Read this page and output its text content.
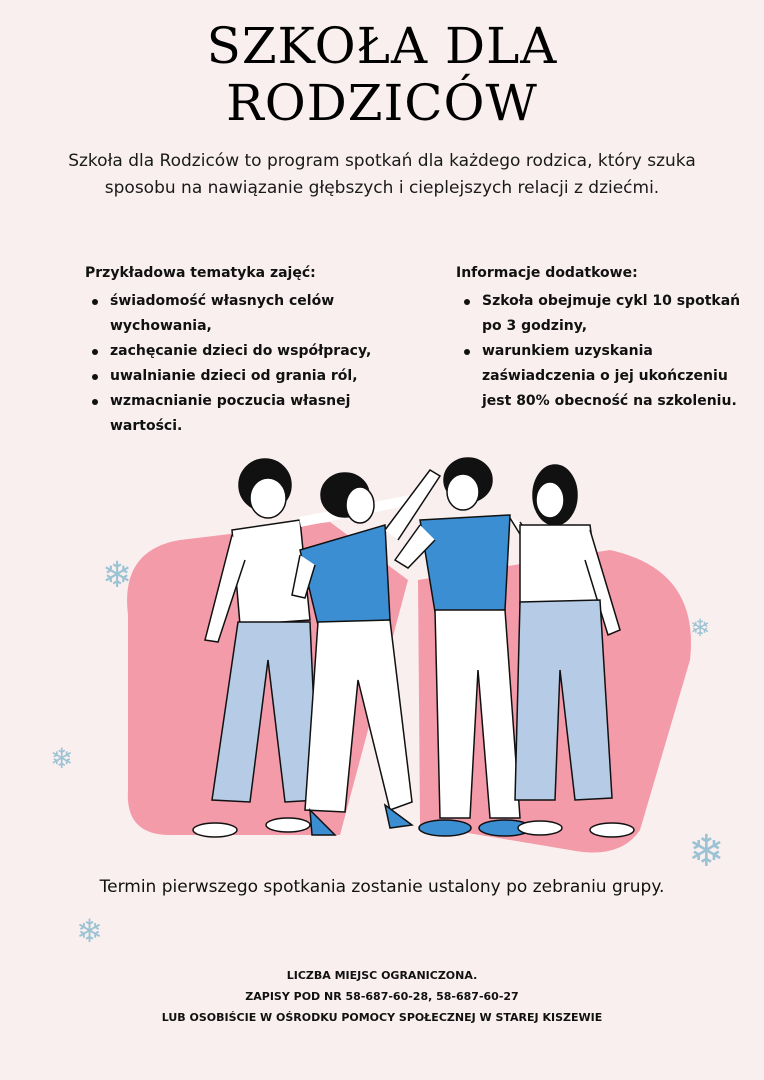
SZKOŁA DLA
RODZICÓW
Szkoła dla Rodziców to program spotkań dla każdego rodzica, który szuka sposobu na nawiązanie głębszych i cieplejszych relacji z dziećmi.
Przykładowa tematyka zajęć:
świadomość własnych celów wychowania,
zachęcanie dzieci do współpracy,
uwalnianie dzieci od grania ról,
wzmacnianie poczucia własnej wartości.
Informacje dodatkowe:
Szkoła obejmuje cykl 10 spotkań po 3 godziny,
warunkiem uzyskania zaświadczenia o jej ukończeniu jest 80% obecność na szkoleniu.
❄
❄
❄
❄
❄
Termin pierwszego spotkania zostanie ustalony po zebraniu grupy.
LICZBA MIEJSC OGRANICZONA.
ZAPISY POD NR 58-687-60-28, 58-687-60-27
LUB OSOBIŚCIE W OŚRODKU POMOCY SPOŁECZNEJ W STAREJ KISZEWIE
